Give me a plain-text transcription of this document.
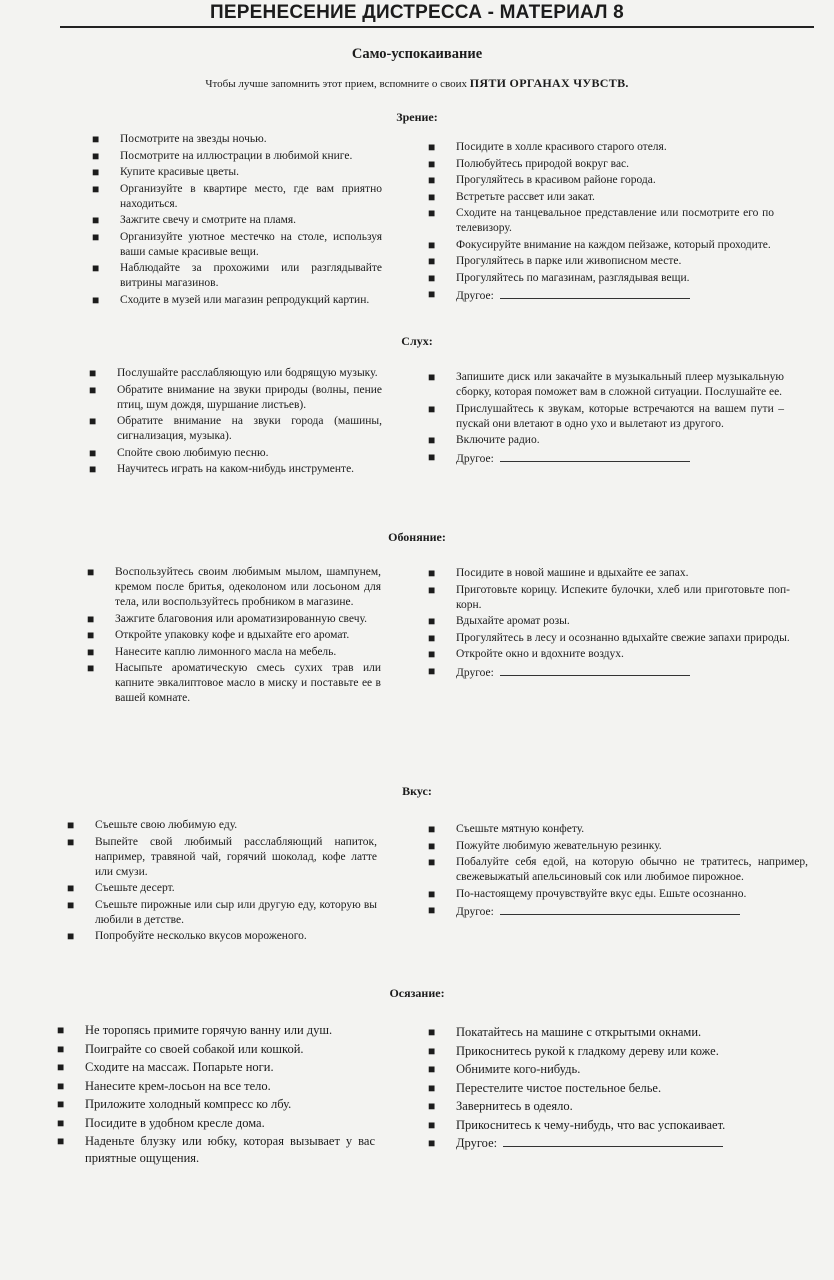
ПЕРЕНЕСЕНИЕ ДИСТРЕССА - МАТЕРИАЛ 8
Само-успокаивание
Чтобы лучше запомнить этот прием, вспомните о своих ПЯТИ ОРГАНАХ ЧУВСТВ.
Зрение:
■ Посмотрите на звезды ночью.
■ Посмотрите на иллюстрации в любимой книге.
■ Купите красивые цветы.
■ Организуйте в квартире место, где вам приятно находиться.
■ Зажгите свечу и смотрите на пламя.
■ Организуйте уютное местечко на столе, используя ваши самые красивые вещи.
■ Наблюдайте за прохожими или разглядывайте витрины магазинов.
■ Сходите в музей или магазин репродукций картин.
■ Посидите в холле красивого старого отеля.
■ Полюбуйтесь природой вокруг вас.
■ Прогуляйтесь в красивом районе города.
■ Встретьте рассвет или закат.
■ Сходите на танцевальное представление или посмотрите его по телевизору.
■ Фокусируйте внимание на каждом пейзаже, который проходите.
■ Прогуляйтесь в парке или живописном месте.
■ Прогуляйтесь по магазинам, разглядывая вещи.
■ Другое:
Слух:
■ Послушайте расслабляющую или бодрящую музыку.
■ Обратите внимание на звуки природы (волны, пение птиц, шум дождя, шуршание листьев).
■ Обратите внимание на звуки города (машины, сигнализация, музыка).
■ Спойте свою любимую песню.
■ Научитесь играть на каком-нибудь инструменте.
■ Запишите диск или закачайте в музыкальный плеер музыкальную сборку, которая поможет вам в сложной ситуации. Послушайте ее.
■ Прислушайтесь к звукам, которые встречаются на вашем пути – пускай они влетают в одно ухо и вылетают из другого.
■ Включите радио.
■ Другое:
Обоняние:
■ Воспользуйтесь своим любимым мылом, шампунем, кремом после бритья, одеколоном или лосьоном для тела, или воспользуйтесь пробником в магазине.
■ Зажгите благовония или ароматизированную свечу.
■ Откройте упаковку кофе и вдыхайте его аромат.
■ Нанесите каплю лимонного масла на мебель.
■ Насыпьте ароматическую смесь сухих трав или капните эвкалиптовое масло в миску и поставьте ее в вашей комнате.
■ Посидите в новой машине и вдыхайте ее запах.
■ Приготовьте корицу. Испеките булочки, хлеб или приготовьте поп-корн.
■ Вдыхайте аромат розы.
■ Прогуляйтесь в лесу и осознанно вдыхайте свежие запахи природы.
■ Откройте окно и вдохните воздух.
■ Другое:
Вкус:
■ Съешьте свою любимую еду.
■ Выпейте свой любимый расслабляющий напиток, например, травяной чай, горячий шоколад, кофе латте или смузи.
■ Съешьте десерт.
■ Съешьте пирожные или сыр или другую еду, которую вы любили в детстве.
■ Попробуйте несколько вкусов мороженого.
■ Съешьте мятную конфету.
■ Пожуйте любимую жевательную резинку.
■ Побалуйте себя едой, на которую обычно не тратитесь, например, свежевыжатый апельсиновый сок или любимое пирожное.
■ По-настоящему прочувствуйте вкус еды. Ешьте осознанно.
■ Другое:
Осязание:
■ Не торопясь примите горячую ванну или душ.
■ Поиграйте со своей собакой или кошкой.
■ Сходите на массаж. Попарьте ноги.
■ Нанесите крем-лосьон на все тело.
■ Приложите холодный компресс ко лбу.
■ Посидите в удобном кресле дома.
■ Наденьте блузку или юбку, которая вызывает у вас приятные ощущения.
■ Покатайтесь на машине с открытыми окнами.
■ Прикоснитесь рукой к гладкому дереву или коже.
■ Обнимите кого-нибудь.
■ Перестелите чистое постельное белье.
■ Завернитесь в одеяло.
■ Прикоснитесь к чему-нибудь, что вас успокаивает.
■ Другое:
